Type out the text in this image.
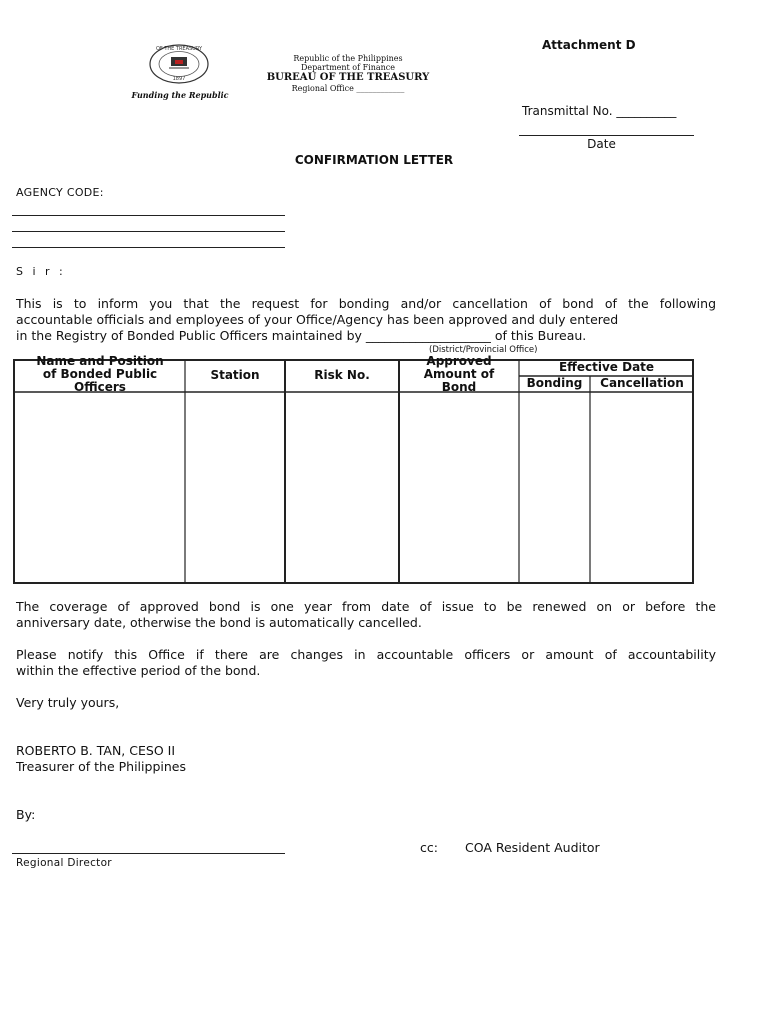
OF THE TREASURY
1897
Funding the Republic
Republic of the Philippines
Department of Finance
BUREAU OF THE TREASURY
Regional Office ____________
Attachment D
Transmittal No. __________
Date
CONFIRMATION LETTER
AGENCY CODE:
S i r :
This is to inform you that the request for bonding and/or cancellation of bond of the following
accountable officials and employees of your Office/Agency has been approved and duly entered
in the Registry of Bonded Public Officers maintained by ____________________ of this Bureau.
(District/Provincial Office)
Name and Position
of Bonded Public
Officers
Station	Risk No.
Approved
Amount of
Bond
Effective Date
Bonding	Cancellation
The coverage of approved bond is one year from date of issue to be renewed on or before the
anniversary date, otherwise the bond is automatically cancelled.
Please notify this Office if there are changes in accountable officers or amount of accountability
within the effective period of the bond.
Very truly yours,
ROBERTO B. TAN, CESO II
Treasurer of the Philippines
By:
cc: COA Resident Auditor
Regional Director
